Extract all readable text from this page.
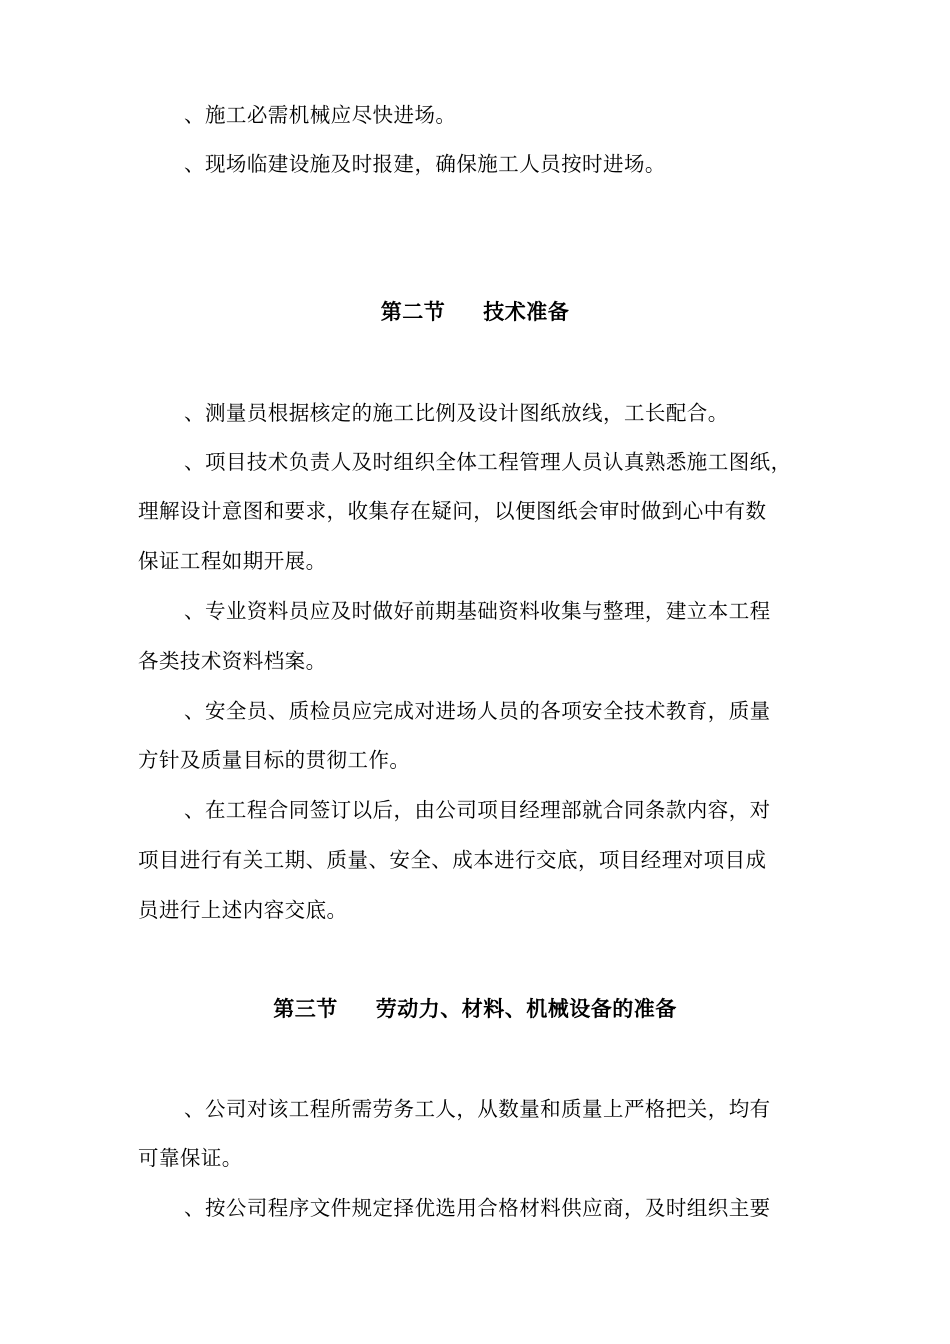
、施工必需机械应尽快进场。
、现场临建设施及时报建，确保施工人员按时进场。
第二节 技术准备
、测量员根据核定的施工比例及设计图纸放线，工长配合。
、项目技术负责人及时组织全体工程管理人员认真熟悉施工图纸，
理解设计意图和要求，收集存在疑问，以便图纸会审时做到心中有数
保证工程如期开展。
、专业资料员应及时做好前期基础资料收集与整理，建立本工程
各类技术资料档案。
、安全员、质检员应完成对进场人员的各项安全技术教育，质量
方针及质量目标的贯彻工作。
、在工程合同签订以后，由公司项目经理部就合同条款内容，对
项目进行有关工期、质量、安全、成本进行交底，项目经理对项目成
员进行上述内容交底。
第三节 劳动力、材料、机械设备的准备
、公司对该工程所需劳务工人，从数量和质量上严格把关，均有
可靠保证。
、按公司程序文件规定择优选用合格材料供应商，及时组织主要
